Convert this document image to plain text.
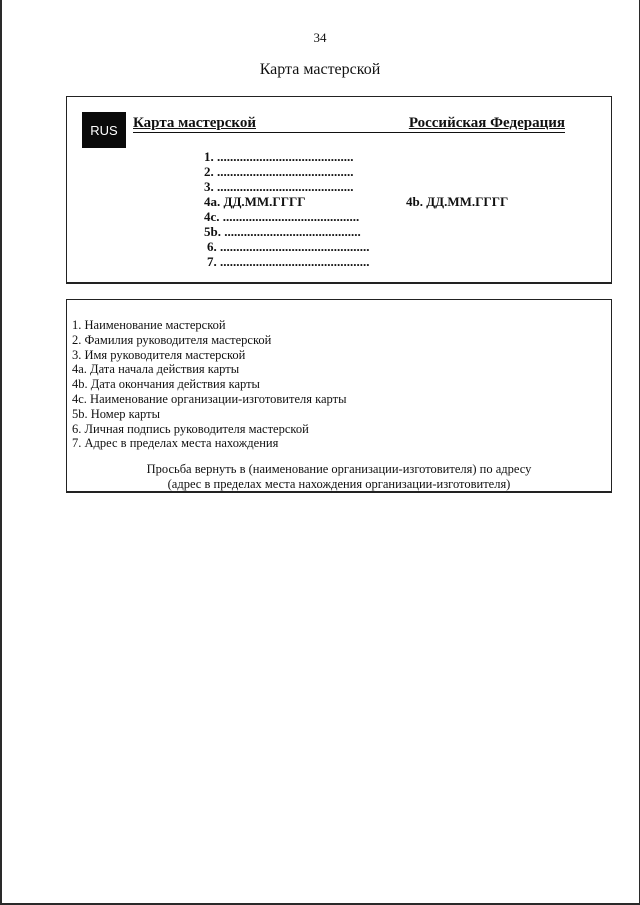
34
Карта мастерской
RUS	Карта мастерской	Российская Федерация
1. ..........................................
2. ..........................................
3. ..........................................
4а. ДД.ММ.ГГГГ	4b. ДД.ММ.ГГГГ
4c. ..........................................
5b. ..........................................
6. ..............................................
7. ..............................................
1. Наименование мастерской
2. Фамилия руководителя мастерской
3. Имя руководителя мастерской
4а. Дата начала действия карты
4b. Дата окончания действия карты
4c. Наименование организации-изготовителя карты
5b. Номер карты
6. Личная подпись руководителя мастерской
7. Адрес в пределах места нахождения
Просьба вернуть в (наименование организации-изготовителя) по адресу
(адрес в пределах места нахождения организации-изготовителя)
